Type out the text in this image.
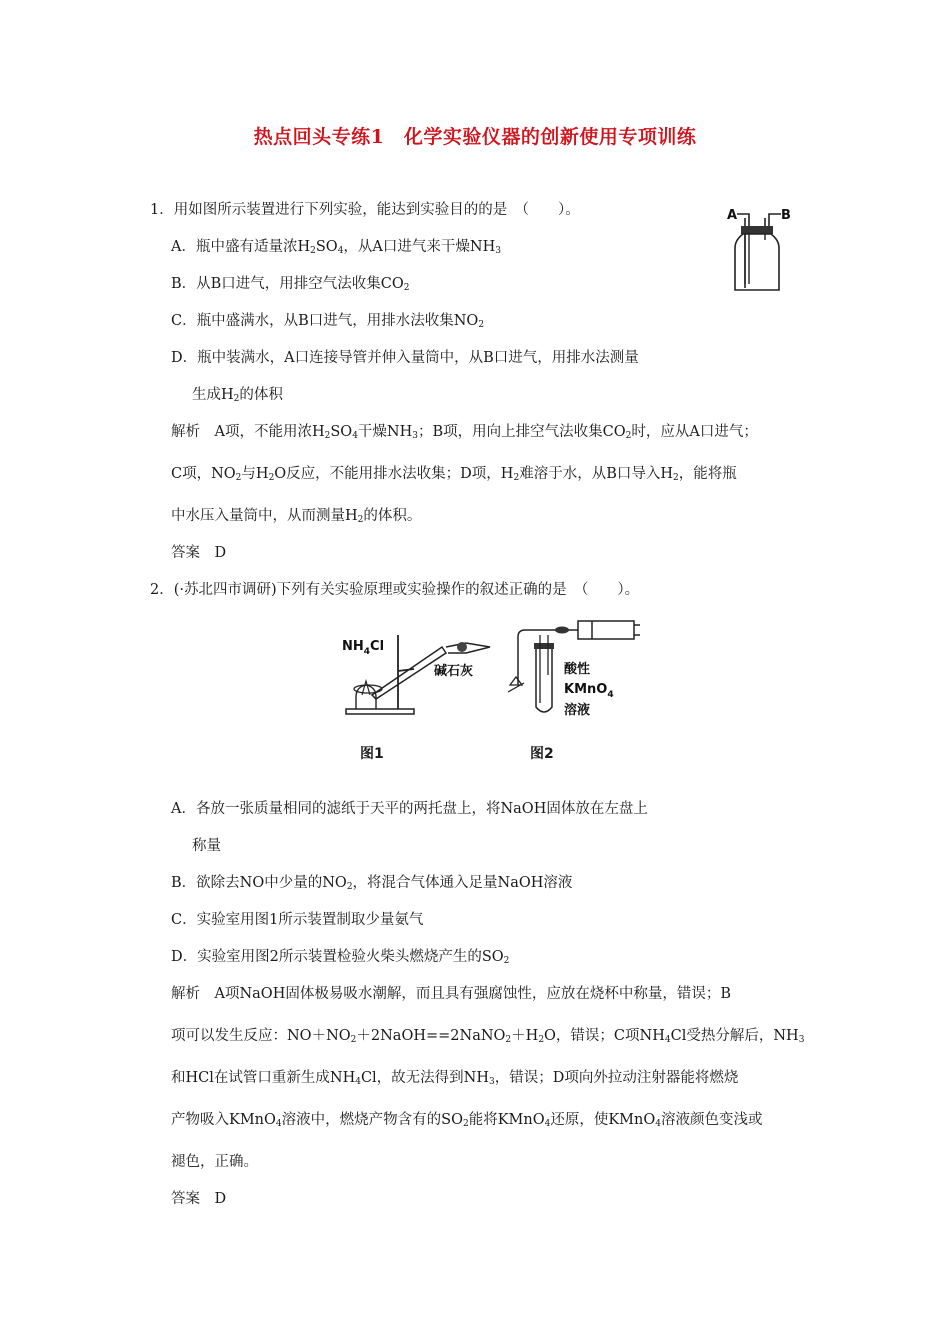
热点回头专练1　化学实验仪器的创新使用专项训练
1．用如图所示装置进行下列实验，能达到实验目的的是　（　　）。	A	B
A．瓶中盛有适量浓$H_2SO_4$，从A口进气来干燥$NH_3$
B．从B口进气，用排空气法收集$CO_2$
C．瓶中盛满水，从B口进气，用排水法收集$NO_2$
D．瓶中装满水，A口连接导管并伸入量筒中，从B口进气，用排水法测量
生成$H_2$的体积
解析　A项，不能用浓$H_2SO_4$干燥$NH_3$；B项，用向上排空气法收集$CO_2$时，应从A口进气；
C项，$NO_2$与$H_2O$反应，不能用排水法收集；D项，$H_2$难溶于水，从B口导入$H_2$，能将瓶
中水压入量筒中，从而测量$H_2$的体积。
答案　D
2．(·苏北四市调研)下列有关实验原理或实验操作的叙述正确的是　（　　）。
$NH_4Cl$
碱石灰
图1
酸性
KMnO$_4$
溶液
图2
A．各放一张质量相同的滤纸于天平的两托盘上，将NaOH固体放在左盘上
称量
B．欲除去NO中少量的$NO_2$，将混合气体通入足量NaOH溶液
C．实验室用图1所示装置制取少量氨气
D．实验室用图2所示装置检验火柴头燃烧产生的$SO_2$
解析　A项NaOH固体极易吸水潮解，而且具有强腐蚀性，应放在烧杯中称量，错误；B
项可以发生反应：$NO+NO_2+2NaOH==2NaNO_2+H_2O$，错误；C项$NH_4Cl$受热分解后，$NH_3$
和HCl在试管口重新生成$NH_4Cl$，故无法得到$NH_3$，错误；D项向外拉动注射器能将燃烧
产物吸入KMnO$_4$溶液中，燃烧产物含有的$SO_2$能将KMnO$_4$还原，使KMnO$_4$溶液颜色变浅或
褪色，正确。
答案　D
